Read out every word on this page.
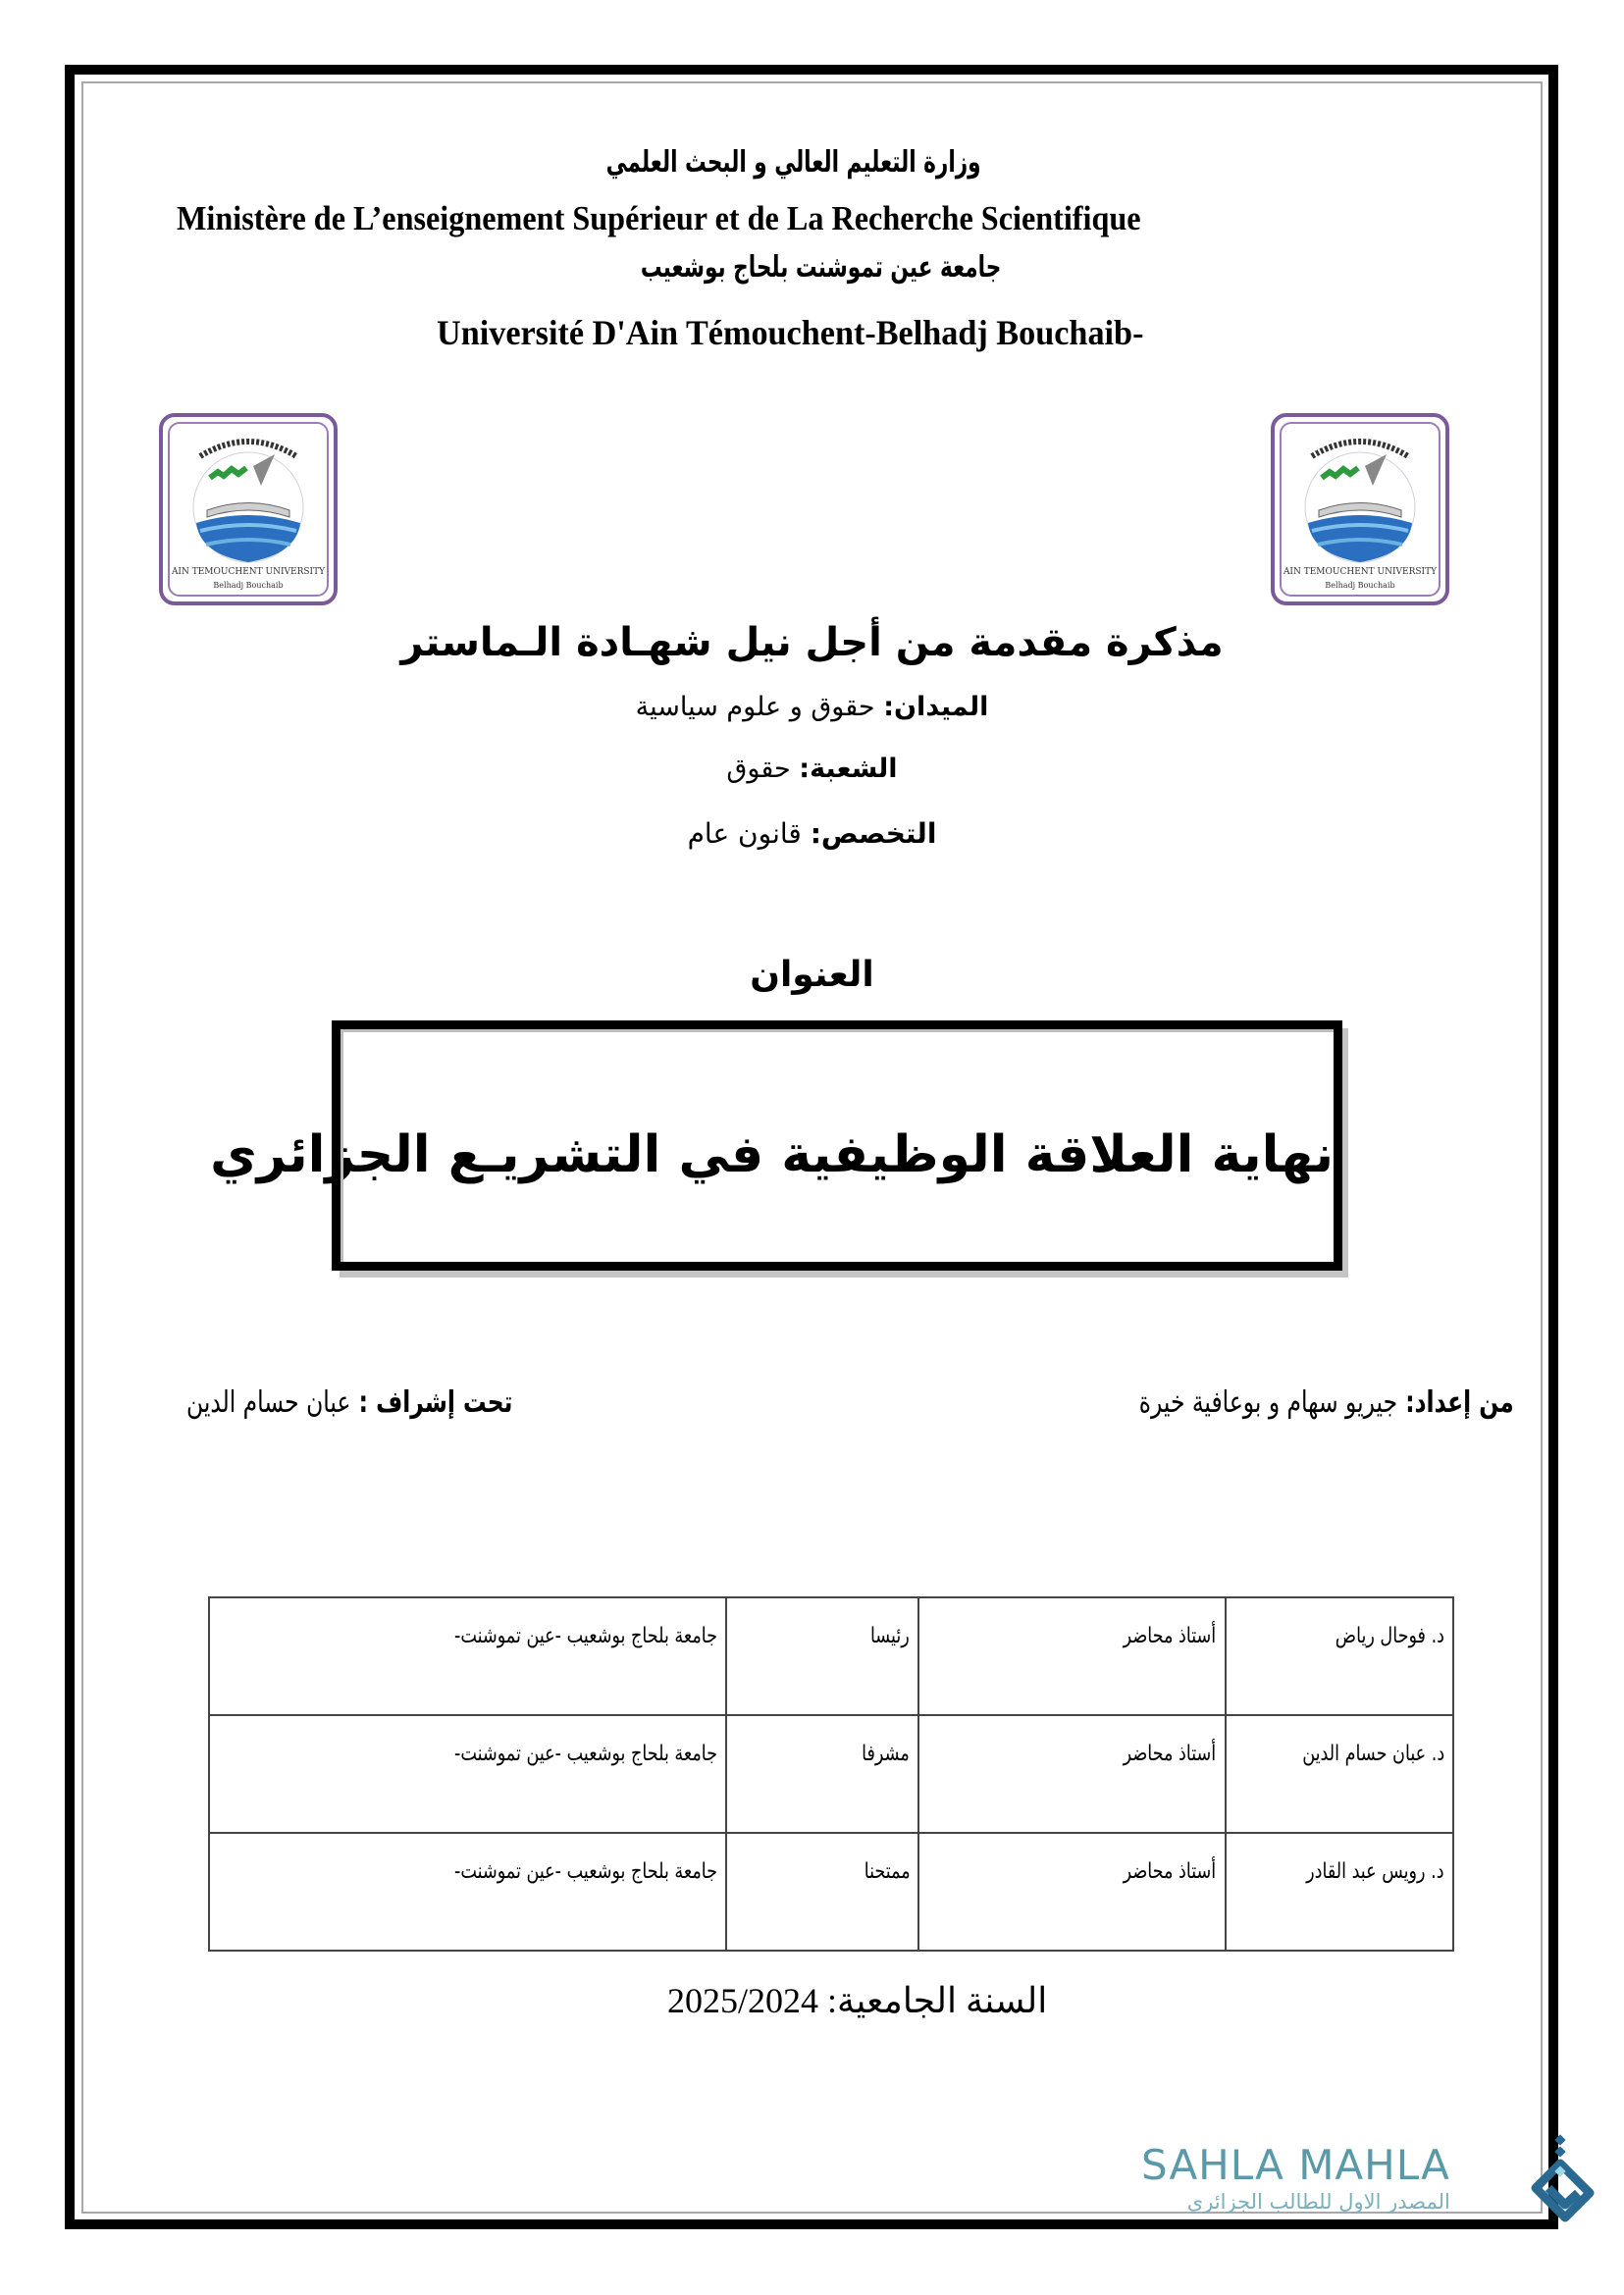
وزارة التعليم العالي و البحث العلمي
Ministère de L’enseignement Supérieur et de La Recherche Scientifique
جامعة عين تموشنت بلحاج بوشعيب
Université D'Ain Témouchent-Belhadj Bouchaib-
AIN TEMOUCHENT UNIVERSITY
Belhadj Bouchaib
AIN TEMOUCHENT UNIVERSITY
Belhadj Bouchaib
مذكرة مقدمة من أجل نيل شهـادة الـماستر
الميدان: حقوق و علوم سياسية
الشعبة: حقوق
التخصص: قانون عام
العنوان
نهاية العلاقة الوظيفية في التشريـع الجزائري
من إعداد: جيريو سهام و بوعافية خيرة
تحت إشراف : عبان حسام الدين
د. فوحال رياض	أستاذ محاضر	رئيسا	جامعة بلحاج بوشعيب -عين تموشنت-
د. عبان حسام الدين	أستاذ محاضر	مشرفا	جامعة بلحاج بوشعيب -عين تموشنت-
د. رويس عبد القادر	أستاذ محاضر	ممتحنا	جامعة بلحاج بوشعيب -عين تموشنت-
السنة الجامعية: 2025/2024
SAHLA MAHLA
المصدر الاول للطالب الجزائري
